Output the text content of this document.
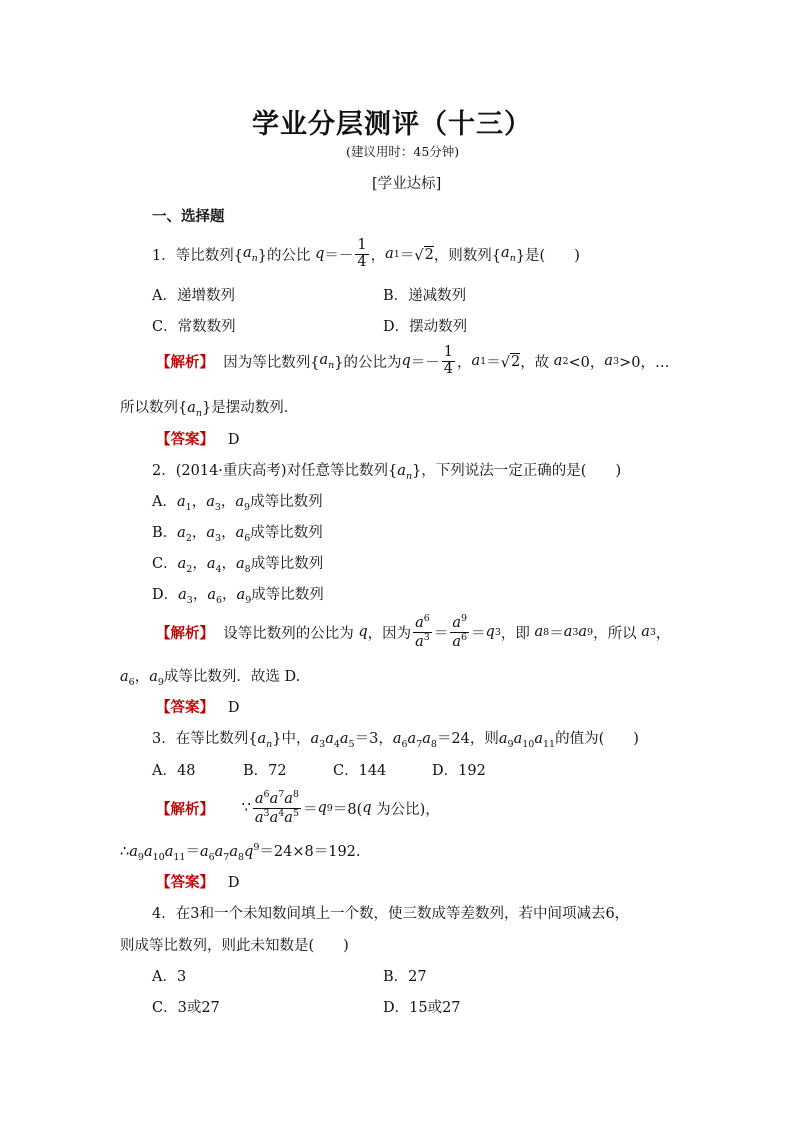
学业分层测评（十三）
(建议用时：45分钟)
[学业达标]
一、选择题
1． 等比数列{ $a_n$ }的公比 $q =- \frac{1}{4}$ ， a 1 ＝√ 2 ，则数列{ $a_n$ }是(　　)
A．递增数列	B．递减数列
C．常数数列	D．摆动数列
【解析】
因为等比数列{ $a_n$ }的公比为 $q =- \frac{1}{4}$ ， a 1 ＝√ 2 ，故 a 2 <0， a 3 >0，…
所以数列$\{a_n\}$是摆动数列．
【答案】 D
2．(2014·重庆高考)对任意等比数列$\{a_n\}$，下列说法一定正确的是(　　)
A．$a_1$，$a_3$，$a_9$成等比数列
B．$a_2$，$a_3$，$a_6$成等比数列
C．$a_2$，$a_4$，$a_8$成等比数列
D．$a_3$，$a_6$，$a_9$成等比数列
【解析】
设等比数列的公比为 q ，因为 $\frac{a^6}{a^3} = \frac{a^9}{a^6} = q$ 3 ，即 a 8 ＝ a 3 a 9 ，所以 a 3 ，
$a_6$，$a_9$成等比数列．故选 D.
【答案】 D
3．在等比数列$\{a_n\}$中，$a_3a_4a_5=3$，$a_6a_7a_8=24$，则$a_9a_{10}a_{11}$的值为(　　)
A．48	B．72	C．144	D．192
【解析】 ∵ $\frac{a^6a^7a^8}{a^3a^4a^5} = q$ 9 ＝8( q 为公比)，
$\therefore a_9a_{10}a_{11}=a_6a_7a_8q^9=24\times 8=192$.
【答案】 D
4．在3和一个未知数间填上一个数，使三数成等差数列，若中间项减去6，
则成等比数列，则此未知数是(　　)
A．3	B．27
C．3或27	D．15或27
